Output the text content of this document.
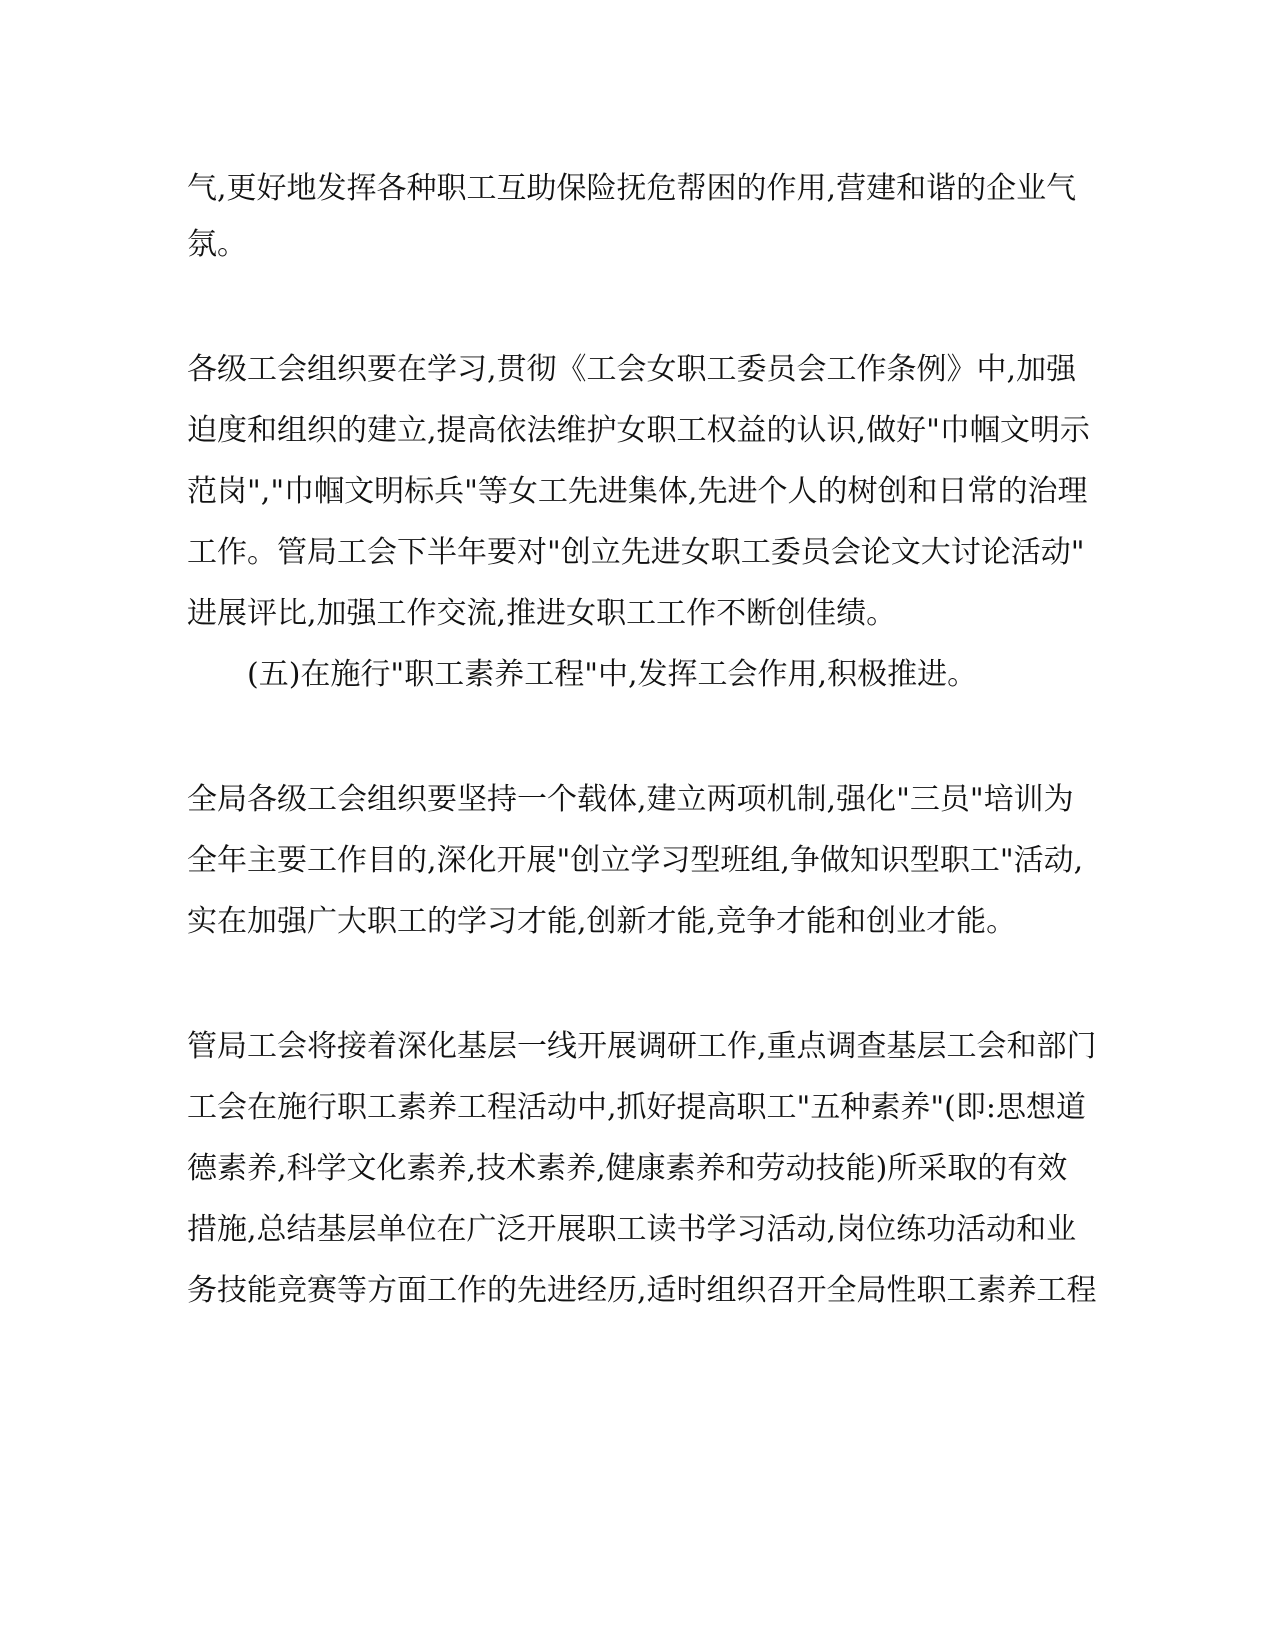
气,更好地发挥各种职工互助保险抚危帮困的作用,营建和谐的企业气
氛。
各级工会组织要在学习,贯彻《工会女职工委员会工作条例》中,加强
迫度和组织的建立,提高依法维护女职工权益的认识,做好"巾帼文明示
范岗","巾帼文明标兵"等女工先进集体,先进个人的树创和日常的治理
工作。管局工会下半年要对"创立先进女职工委员会论文大讨论活动"
进展评比,加强工作交流,推进女职工工作不断创佳绩。
(五)在施行"职工素养工程"中,发挥工会作用,积极推进。
全局各级工会组织要坚持一个载体,建立两项机制,强化"三员"培训为
全年主要工作目的,深化开展"创立学习型班组,争做知识型职工"活动,
实在加强广大职工的学习才能,创新才能,竞争才能和创业才能。
管局工会将接着深化基层一线开展调研工作,重点调查基层工会和部门
工会在施行职工素养工程活动中,抓好提高职工"五种素养"(即:思想道
德素养,科学文化素养,技术素养,健康素养和劳动技能)所采取的有效
措施,总结基层单位在广泛开展职工读书学习活动,岗位练功活动和业
务技能竞赛等方面工作的先进经历,适时组织召开全局性职工素养工程
